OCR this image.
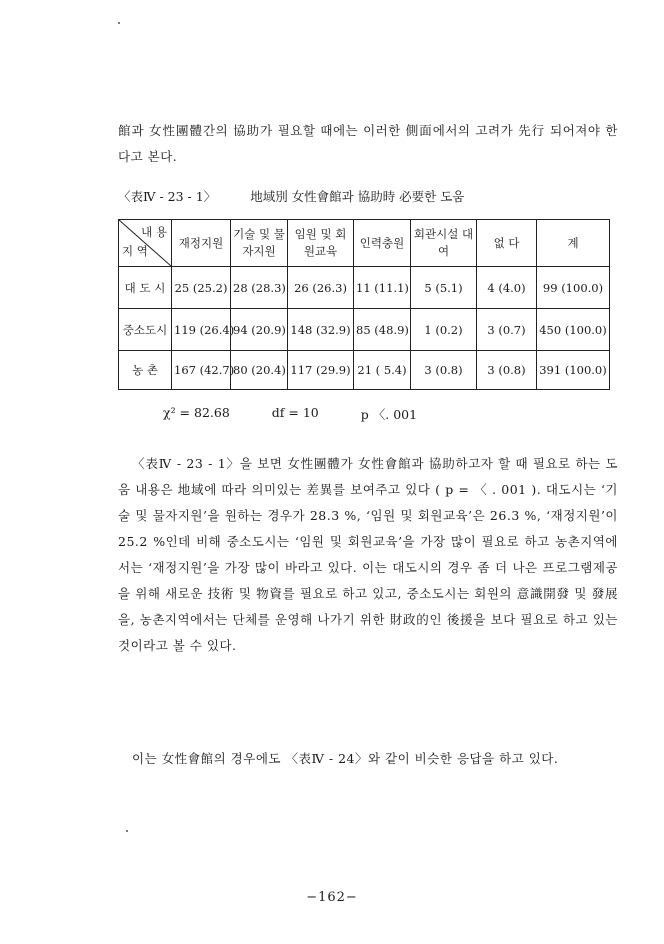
館과 女性團體간의 協助가 필요할 때에는 이러한 側面에서의 고려가 先行 되어져야 한다고 본다.

〈表Ⅳ - 23 - 1〉	地域別 女性會館과 協助時 必要한 도움
내 용
지 역	재정지원	기술 및 물자지원	임원 및 회원교육	인력충원	회관시설 대 여	없 다	계
대 도 시	25 (25.2)	28 (28.3)	26 (26.3)	11 (11.1)	5 (5.1)	4 (4.0)	99 (100.0)
중소도시	119 (26.4)	94 (20.9)	148 (32.9)	85 (48.9)	1 (0.2)	3 (0.7)	450 (100.0)
농 촌	167 (42.7)	80 (20.4)	117 (29.9)	21 ( 5.4)	3 (0.8)	3 (0.8)	391 (100.0)
χ² = 82.68	df = 10	p 〈. 001

〈表Ⅳ - 23 - 1〉을 보면 女性團體가 女性會館과 協助하고자 할 때 필요로 하는 도움 내용은 地域에 따라 의미있는 差異를 보여주고 있다 ( p = 〈 . 001 ). 대도시는 ‘기술 및 물자지원’을 원하는 경우가 28.3 %, ‘임원 및 회원교육’은 26.3 %, ‘재정지원’이 25.2 %인데 비해 중소도시는 ‘임원 및 회원교육’을 가장 많이 필요로 하고 농촌지역에서는 ‘재정지원’을 가장 많이 바라고 있다. 이는 대도시의 경우 좀 더 나은 프로그램제공을 위해 새로운 技術 및 物資를 필요로 하고 있고, 중소도시는 회원의 意識開發 및 發展을, 농촌지역에서는 단체를 운영해 나가기 위한 財政的인 後援을 보다 필요로 하고 있는 것이라고 볼 수 있다.

이는 女性會館의 경우에도 〈表Ⅳ - 24〉와 같이 비슷한 응답을 하고 있다.

−162−
